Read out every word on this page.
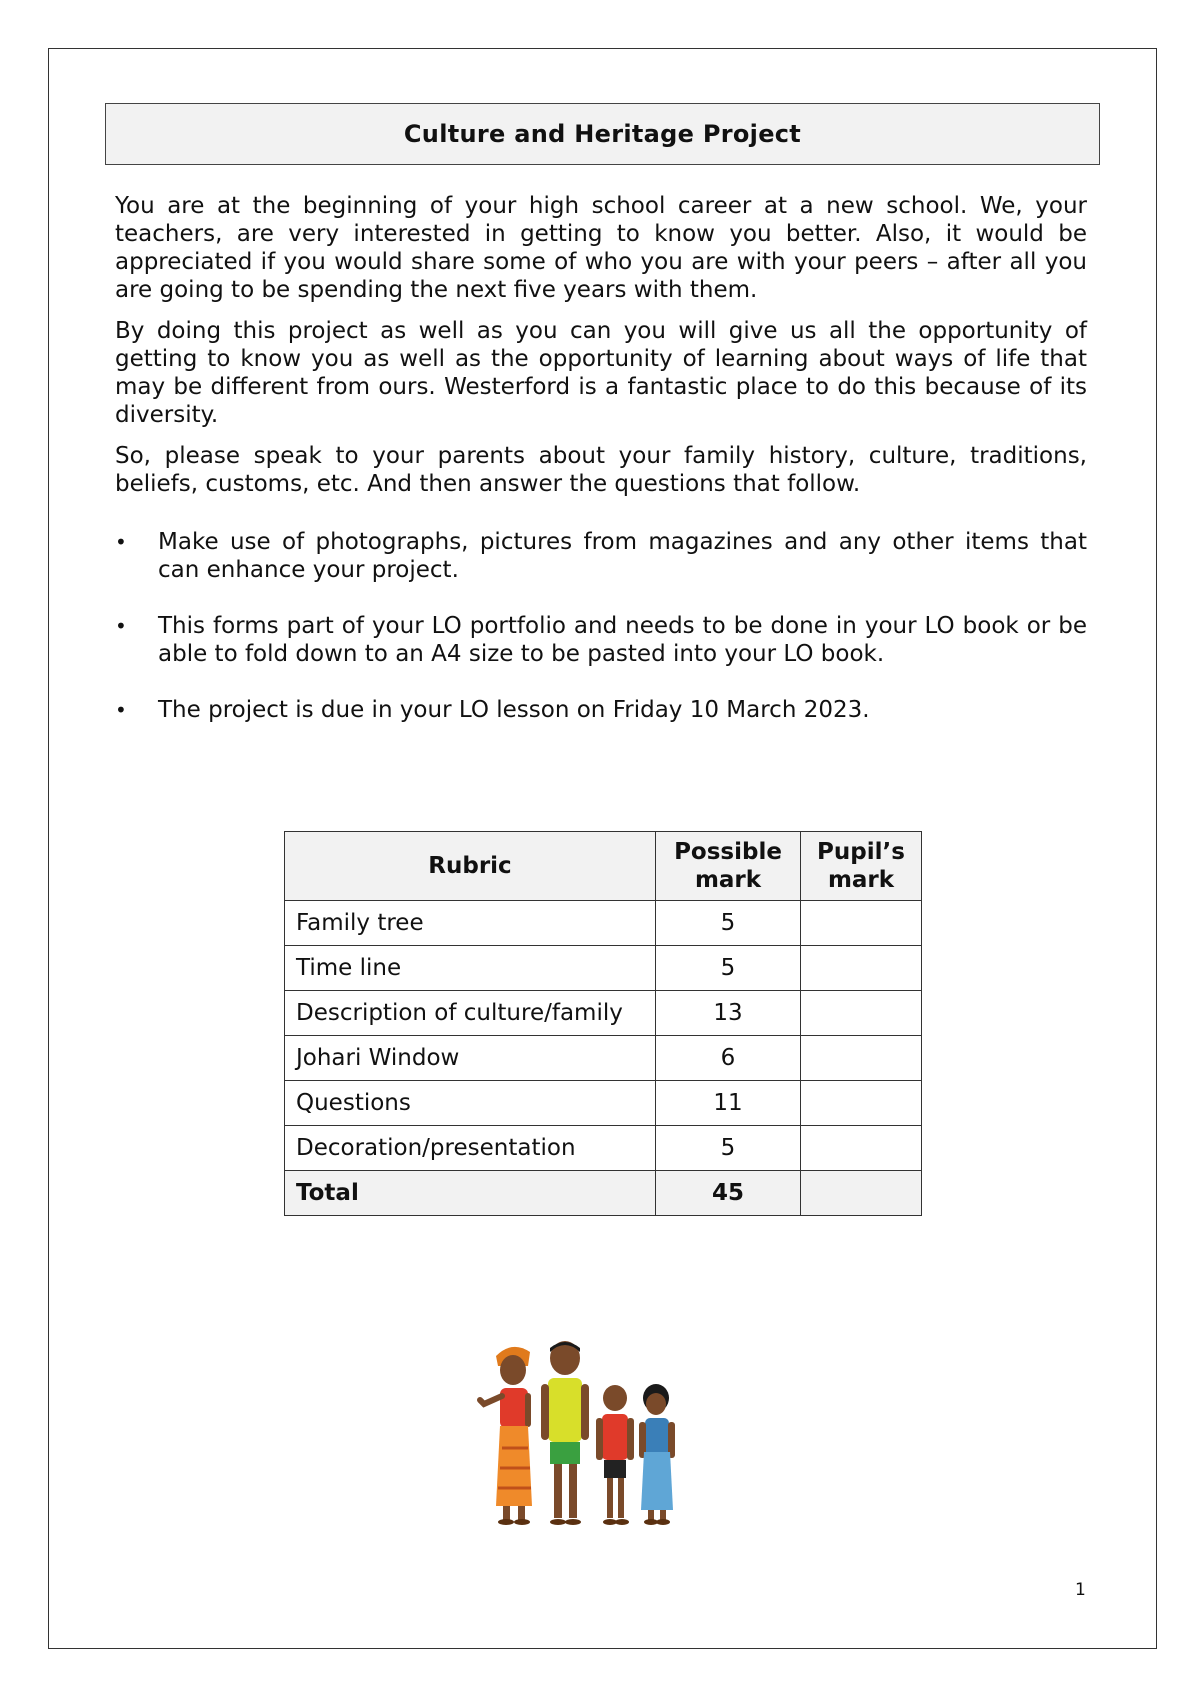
Culture and Heritage Project

You are at the beginning of your high school career at a new school. We, your teachers, are very interested in getting to know you better. Also, it would be appreciated if you would share some of who you are with your peers – after all you are going to be spending the next five years with them.

By doing this project as well as you can you will give us all the opportunity of getting to know you as well as the opportunity of learning about ways of life that may be different from ours. Westerford is a fantastic place to do this because of its diversity.

So, please speak to your parents about your family history, culture, traditions, beliefs, customs, etc. And then answer the questions that follow.

• Make use of photographs, pictures from magazines and any other items that can enhance your project.
• This forms part of your LO portfolio and needs to be done in your LO book or be able to fold down to an A4 size to be pasted into your LO book.
• The project is due in your LO lesson on Friday 10 March 2023.
Rubric	Possible mark	Pupil’s mark
Family tree	5	
Time line	5	
Description of culture/family	13	
Johari Window	6	
Questions	11	
Decoration/presentation	5	
Total	45	
1
